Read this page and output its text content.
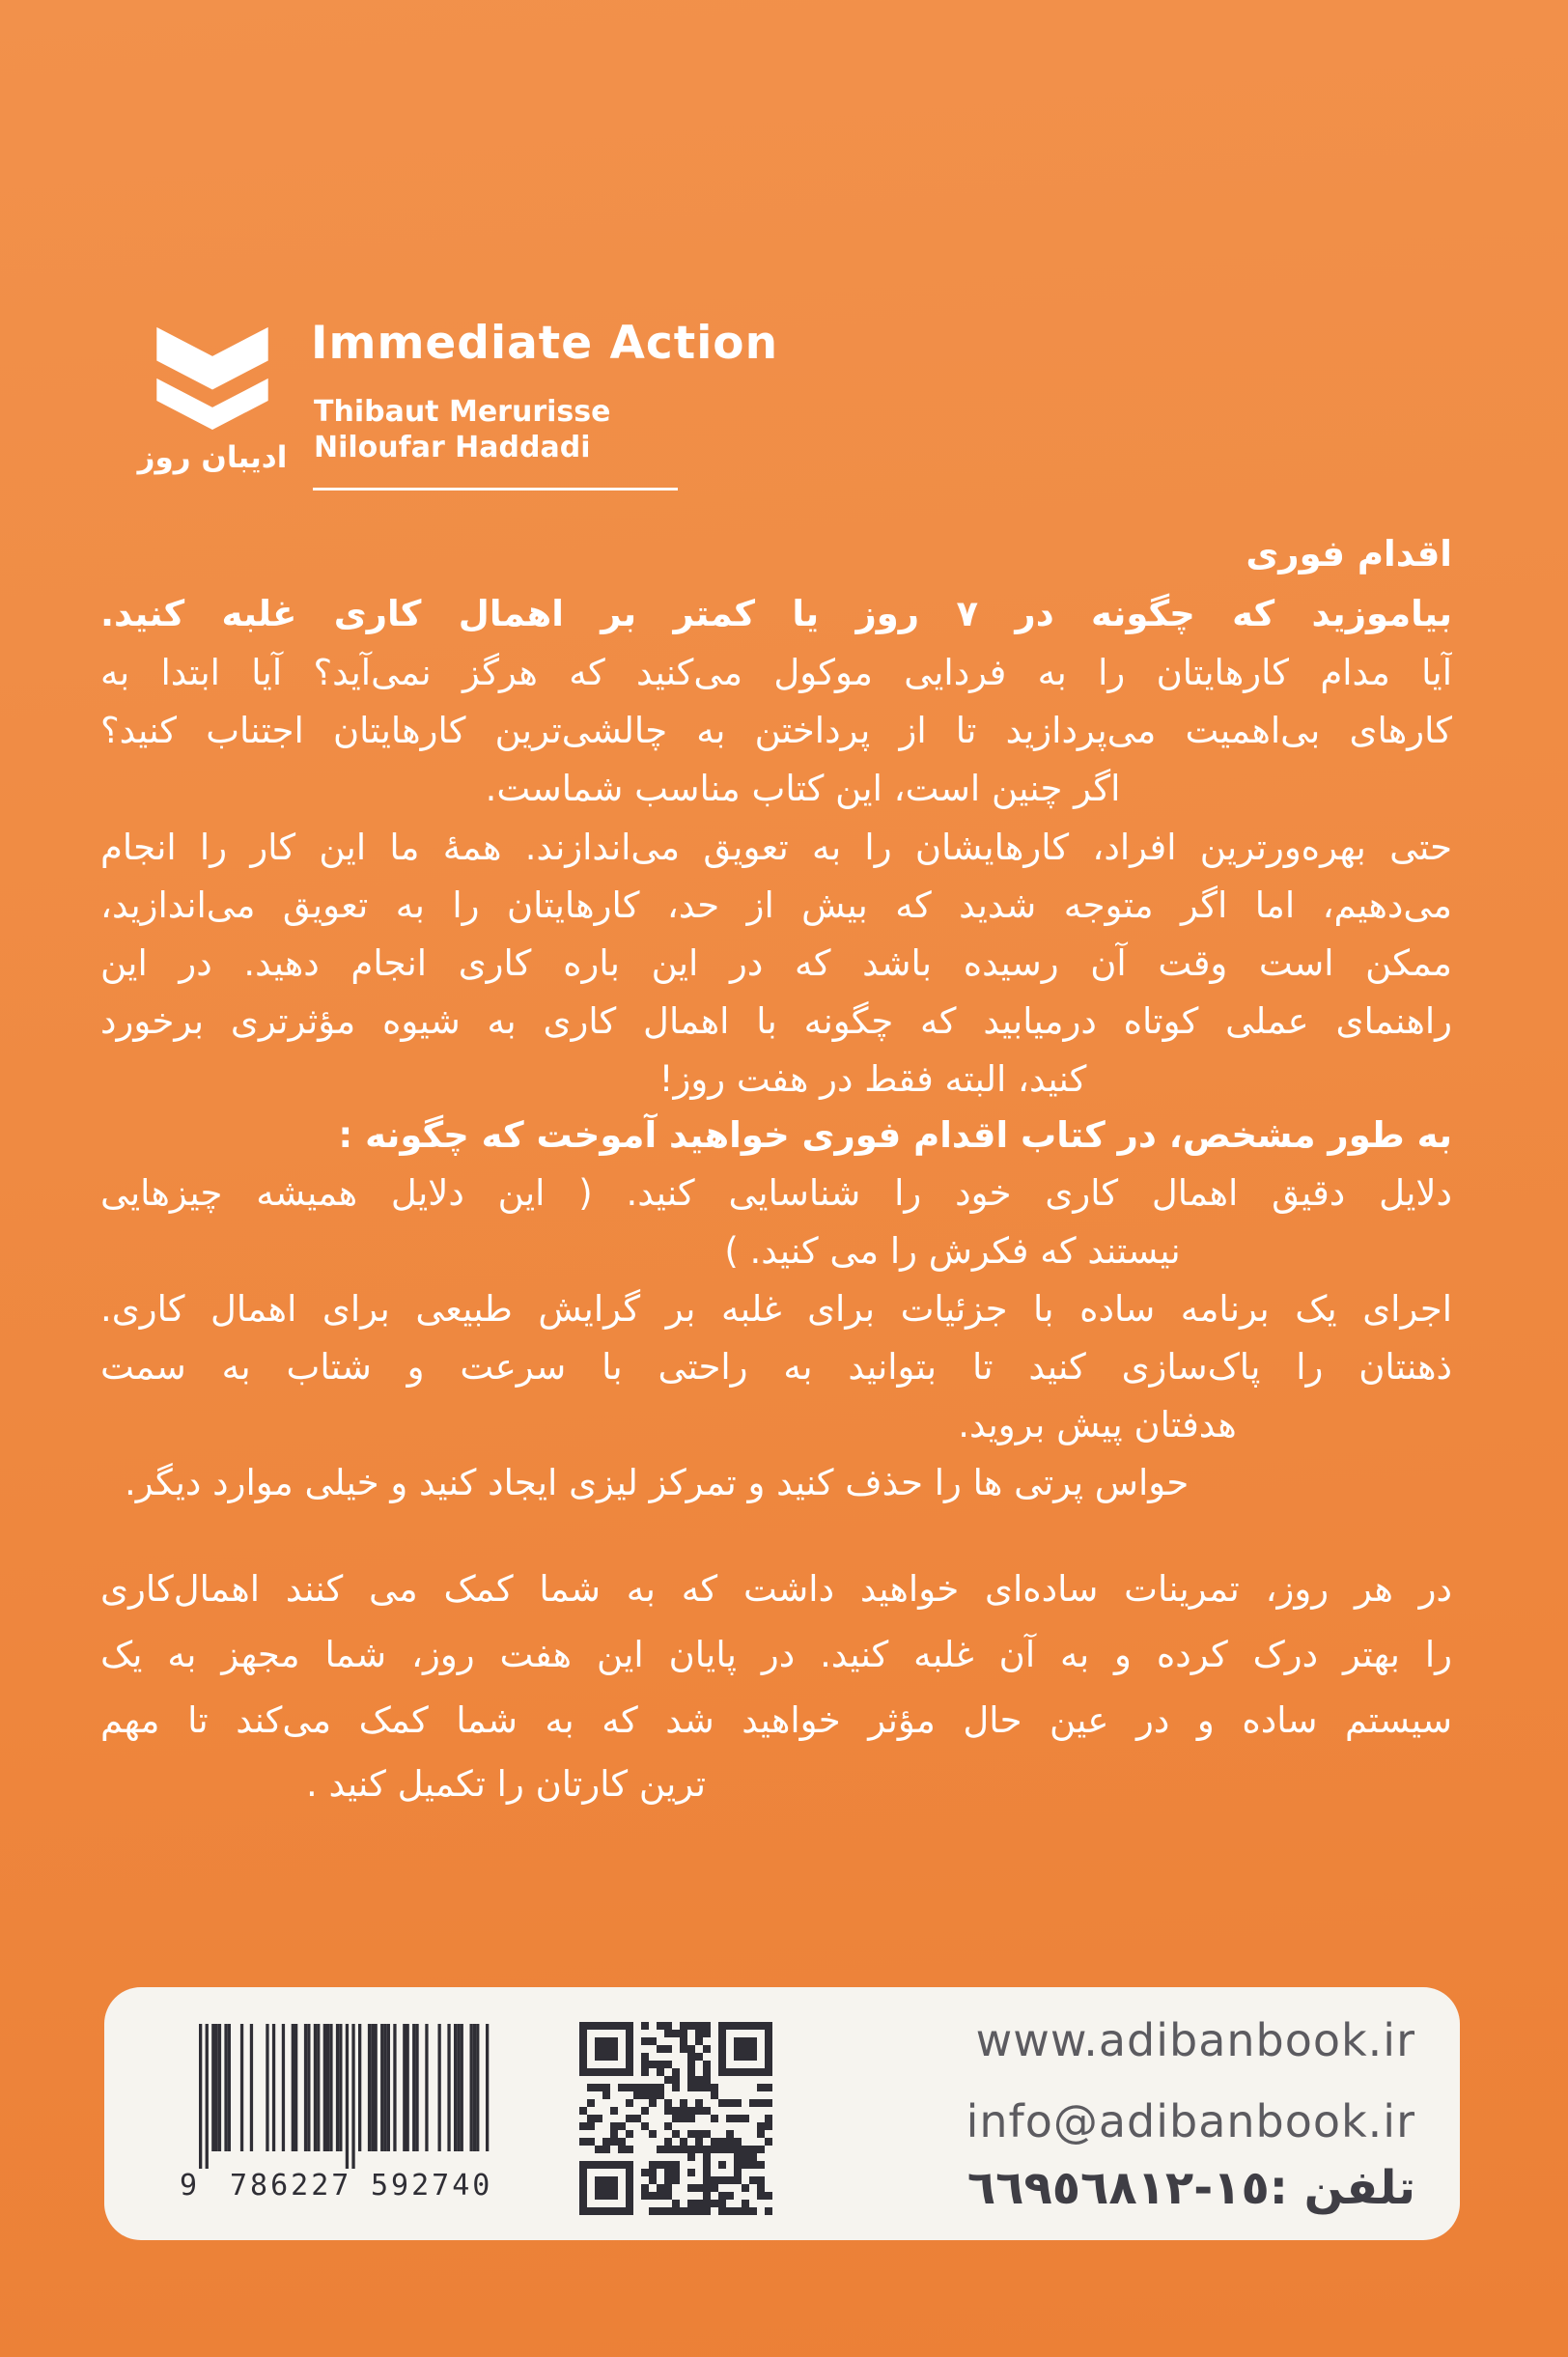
ادیبان روز
Immediate Action
Thibaut Merurisse
Niloufar Haddadi
اقدام فوری
بیاموزید که چگونه در ۷ روز یا کمتر بر اهمال کاری غلبه کنید.
آیا مدام کارهایتان را به فردایی موکول می‌کنید که هرگز نمی‌آید؟ آیا ابتدا به
کارهای بی‌اهمیت می‌پردازید تا از پرداختن به چالشی‌ترین کارهایتان اجتناب کنید؟
اگر چنین است، این کتاب مناسب شماست.
حتی بهره‌ورترین افراد، کارهایشان را به تعویق می‌اندازند. همهٔ ما این کار را انجام
می‌دهیم، اما اگر متوجه شدید که بیش از حد، کارهایتان را به تعویق می‌اندازید،
ممکن است وقت آن رسیده باشد که در این باره کاری انجام دهید. در این
راهنمای عملی کوتاه درمیابید که چگونه با اهمال کاری به شیوه مؤثرتری برخورد
کنید، البته فقط در هفت روز!
به طور مشخص، در کتاب اقدام فوری خواهید آموخت که چگونه :
دلایل دقیق اهمال کاری خود را شناسایی کنید. ( این دلایل همیشه چیزهایی
نیستند که فکرش را می کنید. )
اجرای یک برنامه ساده با جزئیات برای غلبه بر گرایش طبیعی برای اهمال کاری.
ذهنتان را پاک‌سازی کنید تا بتوانید به راحتی با سرعت و شتاب به سمت
هدفتان پیش بروید.
حواس پرتی ها را حذف کنید و تمرکز لیزی ایجاد کنید و خیلی موارد دیگر.
در هر روز، تمرینات ساده‌ای خواهید داشت که به شما کمک می کنند اهمال‌کاری
را بهتر درک کرده و به آن غلبه کنید. در پایان این هفت روز، شما مجهز به یک
سیستم ساده و در عین حال مؤثر خواهید شد که به شما کمک می‌کند تا مهم
ترین کارتان را تکمیل کنید .
9 786227 592740
www.adibanbook.ir
info@adibanbook.ir
تلفن :٦٦٩٥٦٨١٢‎-‎١٥
